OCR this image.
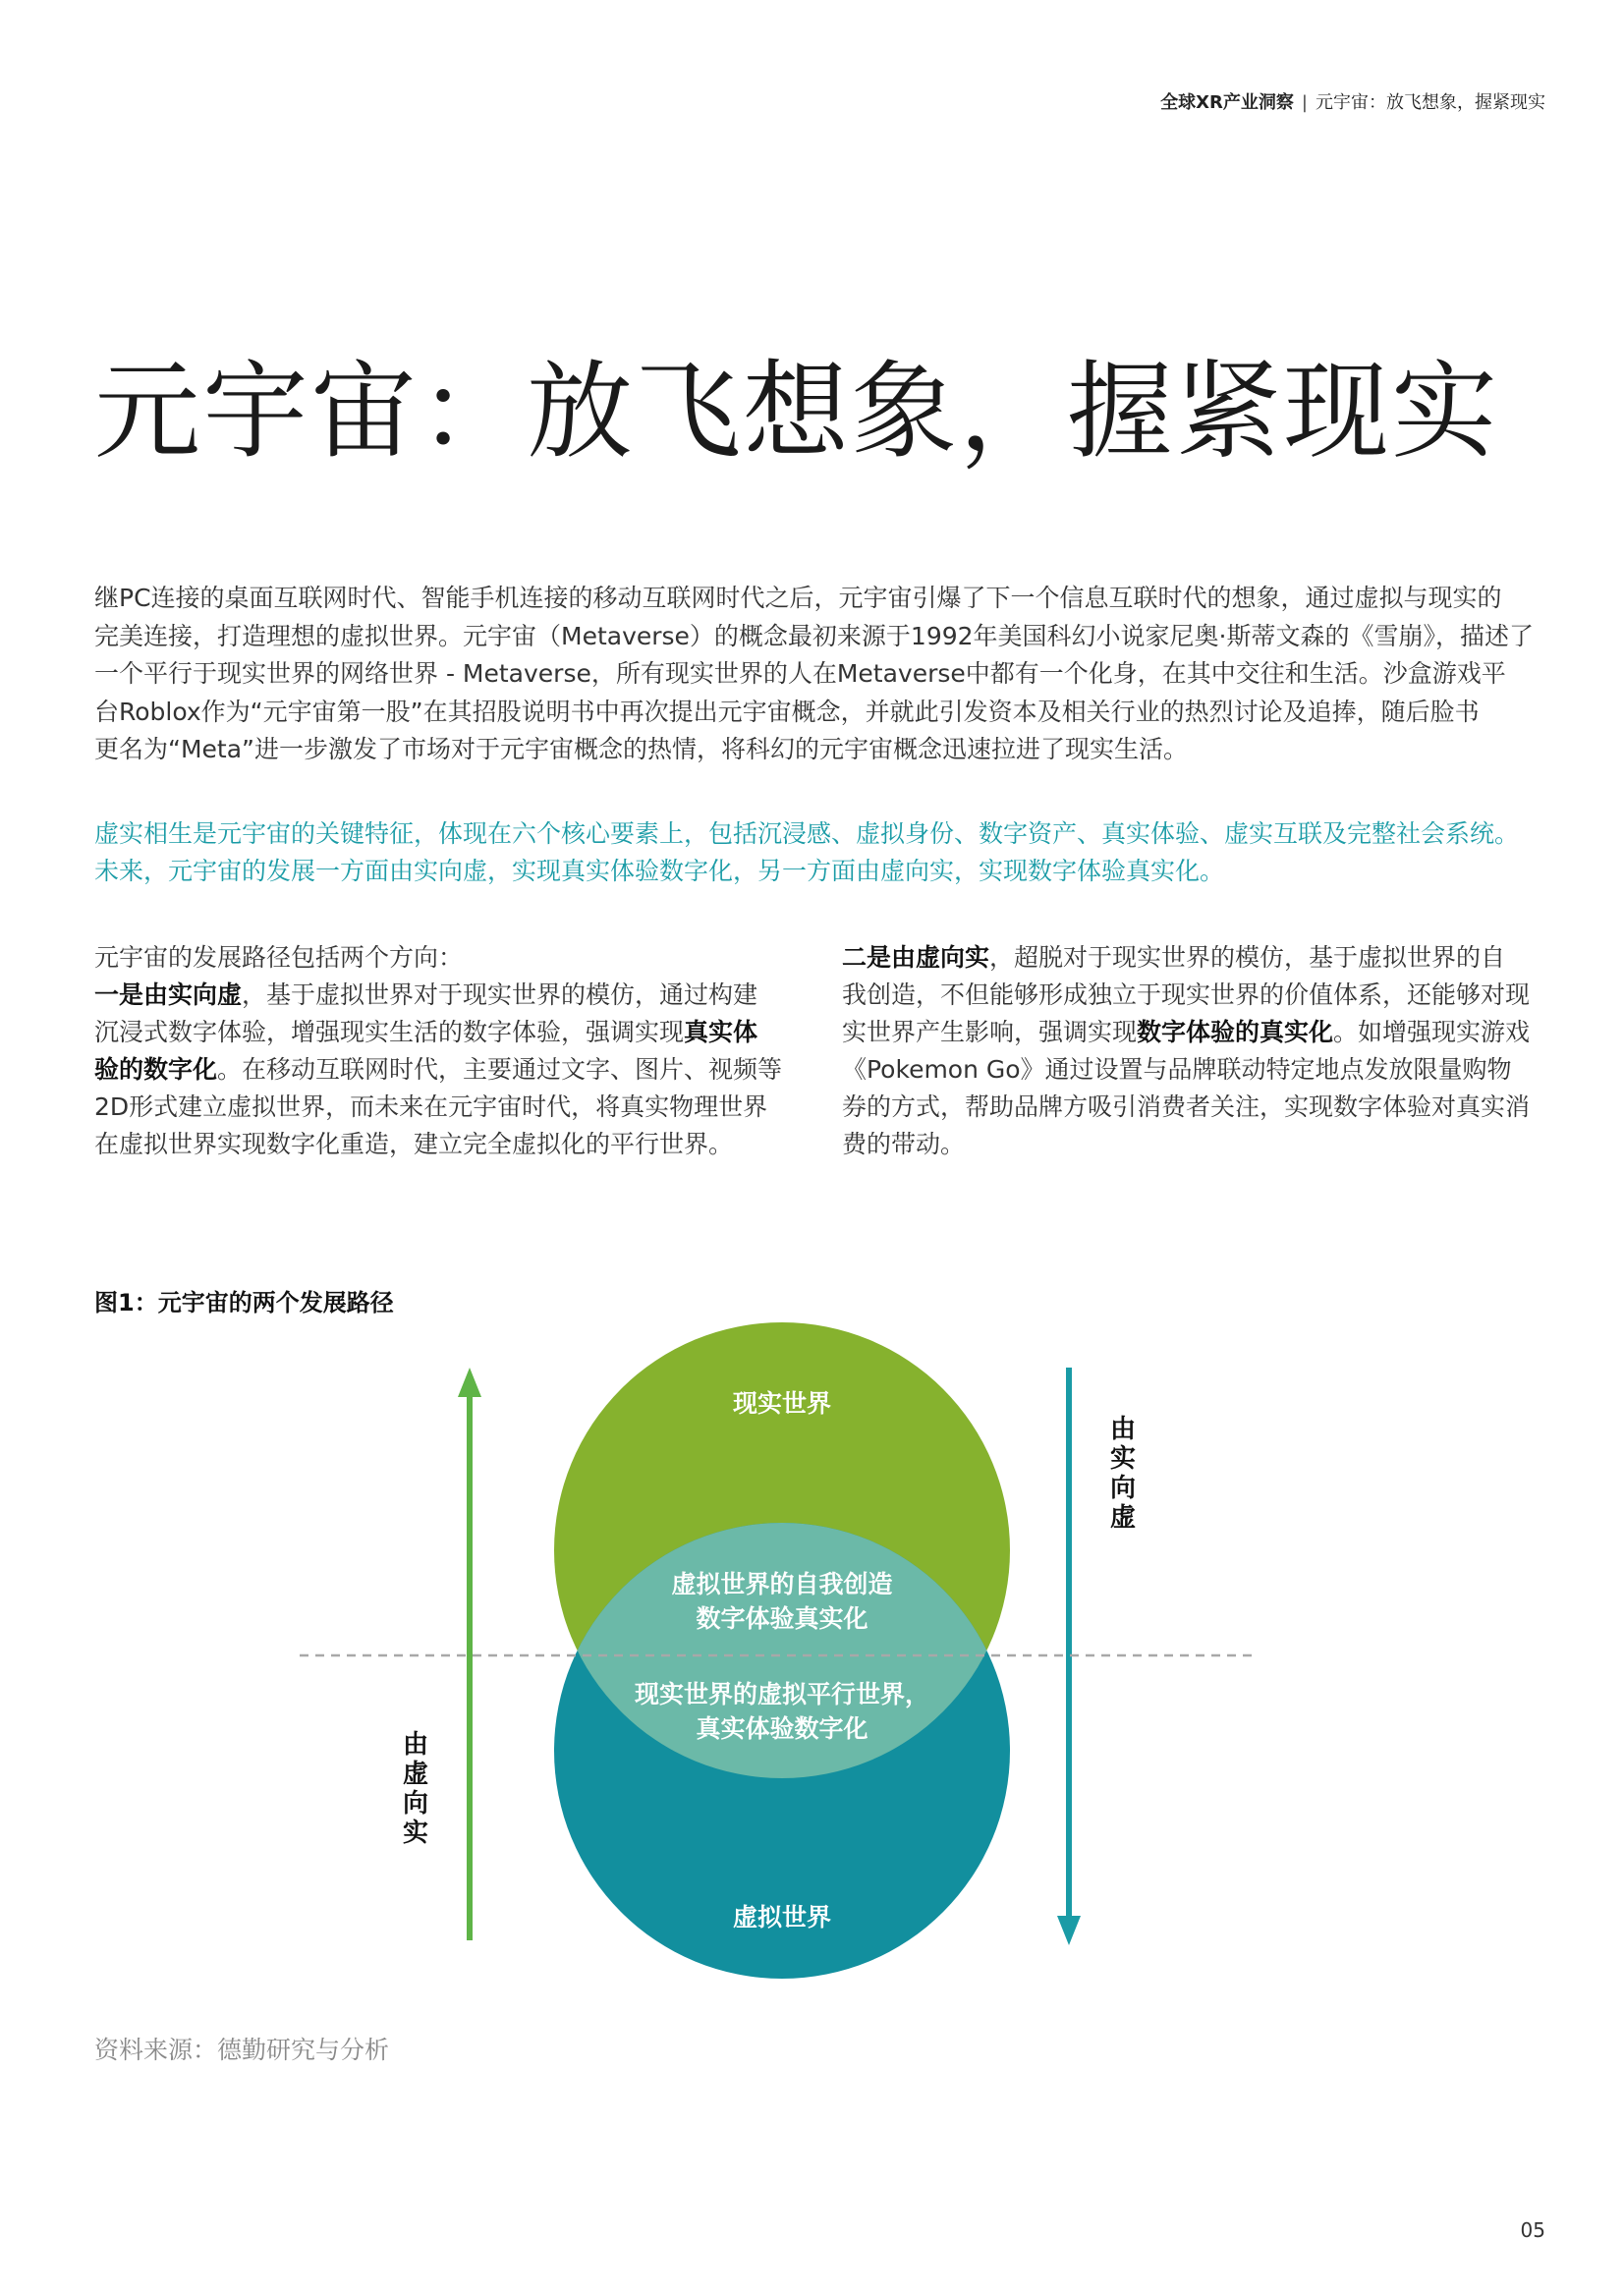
全球XR产业洞察 | 元宇宙：放飞想象，握紧现实
元宇宙：放飞想象，握紧现实

继PC连接的桌面互联网时代、智能手机连接的移动互联网时代之后，元宇宙引爆了下一个信息互联时代的想象，通过虚拟与现实的

完美连接，打造理想的虚拟世界。元宇宙（Metaverse）的概念最初来源于1992年美国科幻小说家尼奥·斯蒂文森的《雪崩》，描述了

一个平行于现实世界的网络世界 - Metaverse，所有现实世界的人在Metaverse中都有一个化身，在其中交往和生活。沙盒游戏平

台Roblox作为“元宇宙第一股”在其招股说明书中再次提出元宇宙概念，并就此引发资本及相关行业的热烈讨论及追捧，随后脸书

更名为“Meta”进一步激发了市场对于元宇宙概念的热情，将科幻的元宇宙概念迅速拉进了现实生活。

虚实相生是元宇宙的关键特征，体现在六个核心要素上，包括沉浸感、虚拟身份、数字资产、真实体验、虚实互联及完整社会系统。

未来，元宇宙的发展一方面由实向虚，实现真实体验数字化，另一方面由虚向实，实现数字体验真实化。

元宇宙的发展路径包括两个方向：

一是由实向虚，基于虚拟世界对于现实世界的模仿，通过构建

沉浸式数字体验，增强现实生活的数字体验，强调实现真实体

验的数字化。在移动互联网时代，主要通过文字、图片、视频等

2D形式建立虚拟世界，而未来在元宇宙时代，将真实物理世界

在虚拟世界实现数字化重造，建立完全虚拟化的平行世界。

二是由虚向实，超脱对于现实世界的模仿，基于虚拟世界的自

我创造，不但能够形成独立于现实世界的价值体系，还能够对现

实世界产生影响，强调实现数字体验的真实化。如增强现实游戏

《Pokemon Go》通过设置与品牌联动特定地点发放限量购物

券的方式，帮助品牌方吸引消费者关注，实现数字体验对真实消

费的带动。

图1：元宇宙的两个发展路径
现实世界
虚拟世界的自我创造
数字体验真实化
现实世界的虚拟平行世界，
真实体验数字化
虚拟世界
由
虚
向
实
由
实
向
虚
资料来源：德勤研究与分析
05
